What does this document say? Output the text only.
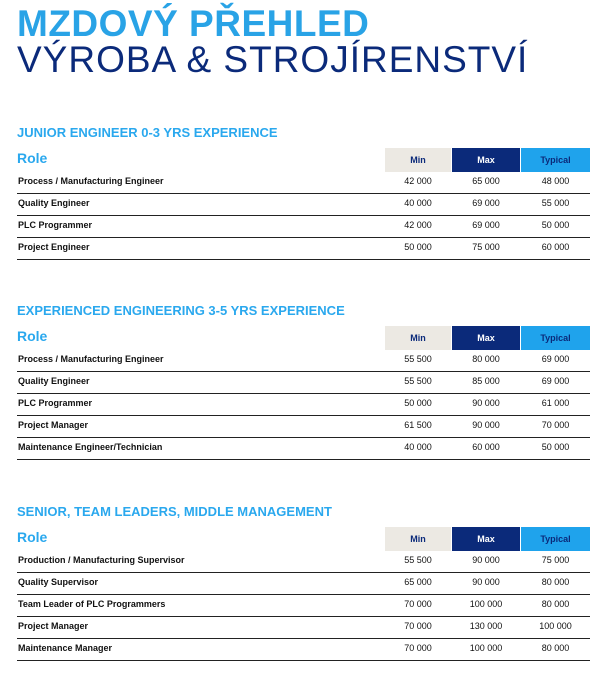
MZDOVÝ PŘEHLED
VÝROBA & STROJÍRENSTVÍ
JUNIOR ENGINEER 0-3 YRS EXPERIENCE
Role	Min	Max	Typical
Process / Manufacturing Engineer	42 000	65 000	48 000
Quality Engineer	40 000	69 000	55 000
PLC Programmer	42 000	69 000	50 000
Project Engineer	50 000	75 000	60 000
EXPERIENCED ENGINEERING 3-5 YRS EXPERIENCE
Role	Min	Max	Typical
Process / Manufacturing Engineer	55 500	80 000	69 000
Quality Engineer	55 500	85 000	69 000
PLC Programmer	50 000	90 000	61 000
Project Manager	61 500	90 000	70 000
Maintenance Engineer/Technician	40 000	60 000	50 000
SENIOR, TEAM LEADERS, MIDDLE MANAGEMENT
Role	Min	Max	Typical
Production / Manufacturing Supervisor	55 500	90 000	75 000
Quality Supervisor	65 000	90 000	80 000
Team Leader of PLC Programmers	70 000	100 000	80 000
Project Manager	70 000	130 000	100 000
Maintenance Manager	70 000	100 000	80 000
